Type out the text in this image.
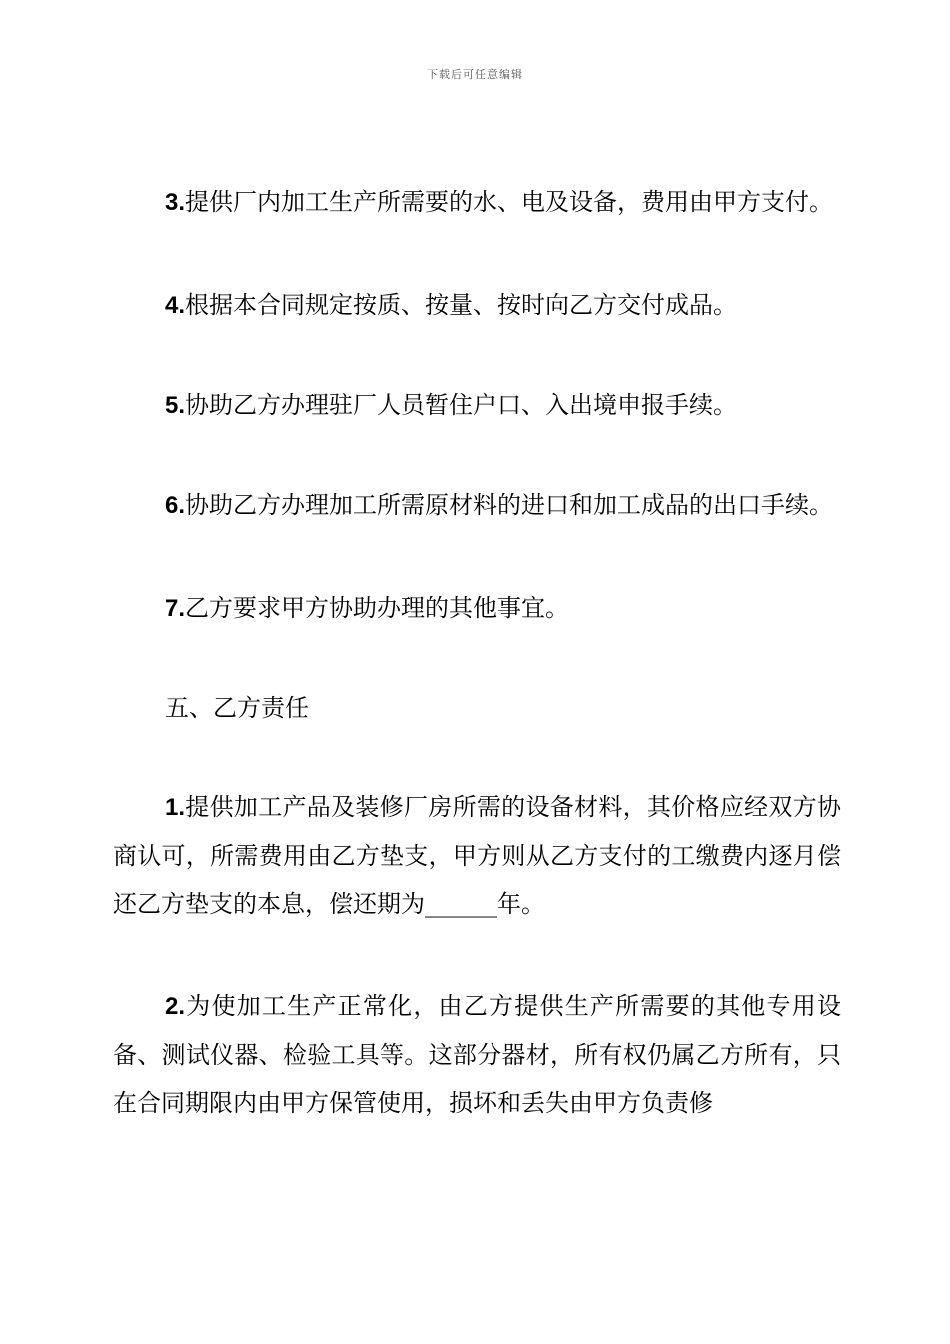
下载后可任意编辑

3.提供厂内加工生产所需要的水、电及设备，费用由甲方支付。

4.根据本合同规定按质、按量、按时向乙方交付成品。

5.协助乙方办理驻厂人员暂住户口、入出境申报手续。

6.协助乙方办理加工所需原材料的进口和加工成品的出口手续。

7.乙方要求甲方协助办理的其他事宜。

五、乙方责任

1.提供加工产品及装修厂房所需的设备材料，其价格应经双方协商认可，所需费用由乙方垫支，甲方则从乙方支付的工缴费内逐月偿还乙方垫支的本息，偿还期为______年。

2.为使加工生产正常化，由乙方提供生产所需要的其他专用设备、测试仪器、检验工具等。这部分器材，所有权仍属乙方所有，只在合同期限内由甲方保管使用，损坏和丢失由甲方负责修
